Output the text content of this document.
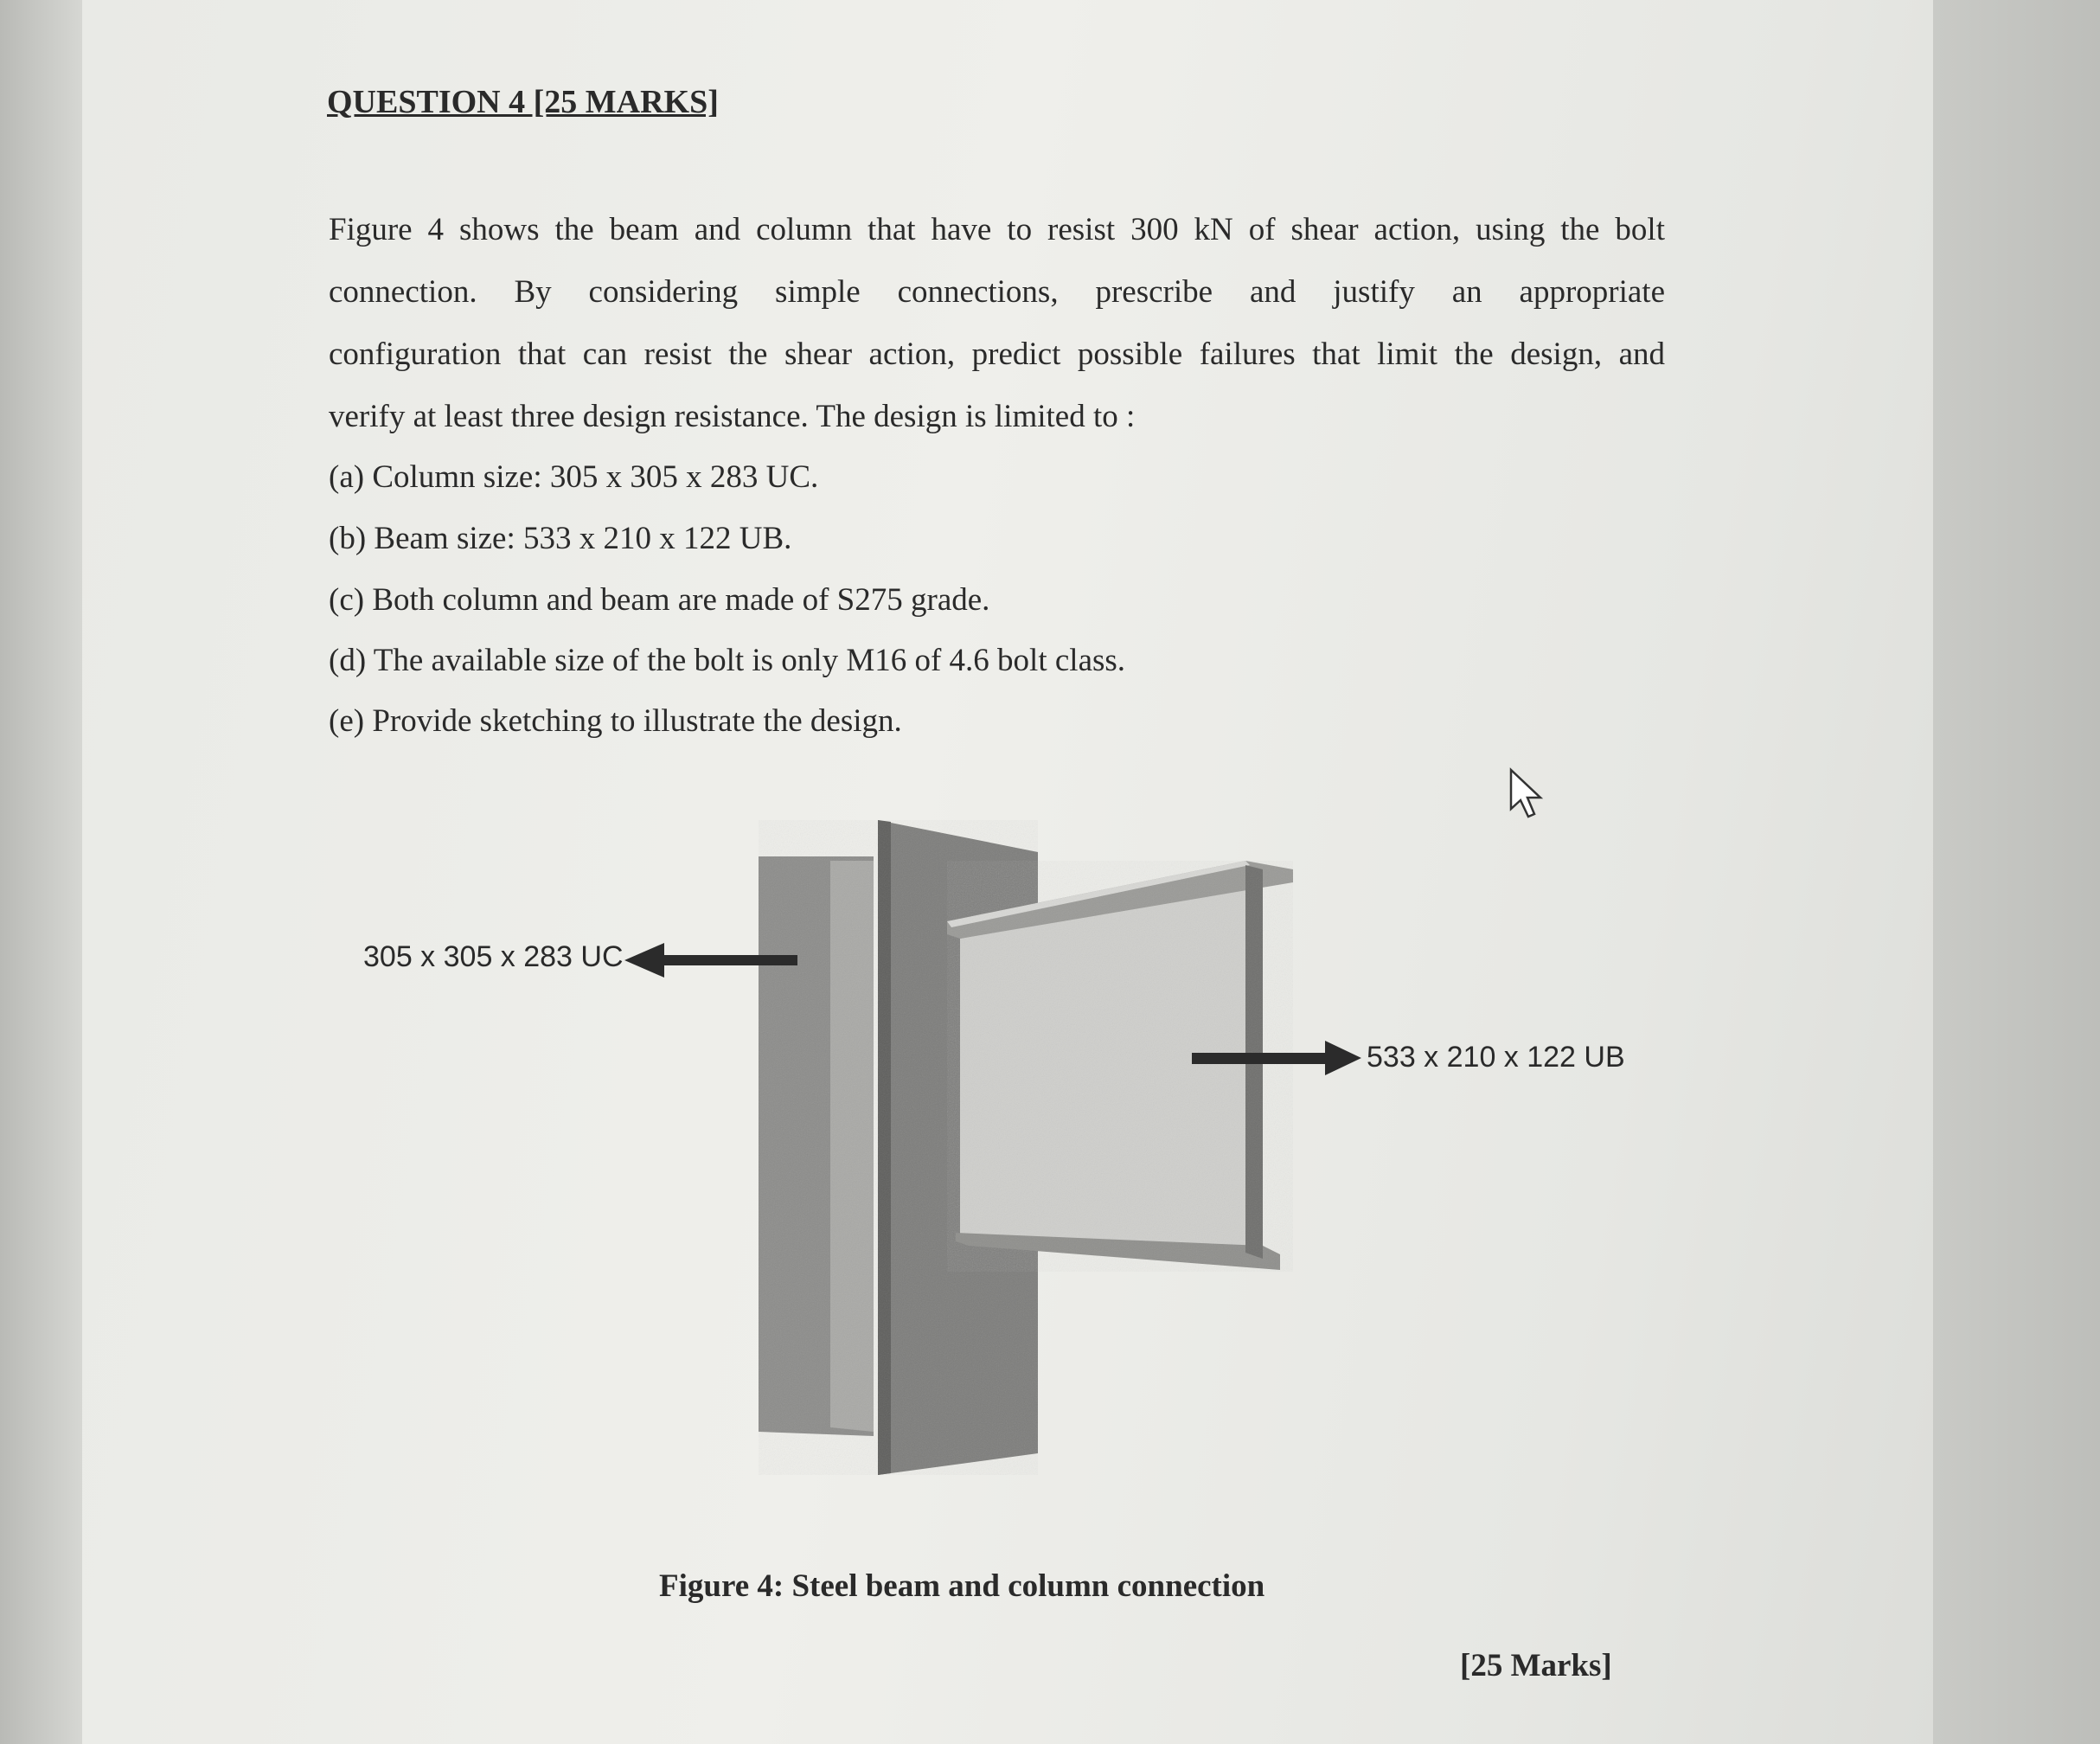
QUESTION 4 [25 MARKS]
Figure 4 shows the beam and column that have to resist 300 kN of shear action, using the bolt
connection. By considering simple connections, prescribe and justify an appropriate
configuration that can resist the shear action, predict possible failures that limit the design, and
verify at least three design resistance. The design is limited to :
(a) Column size: 305 x 305 x 283 UC.
(b) Beam size: 533 x 210 x 122 UB.
(c) Both column and beam are made of S275 grade.
(d) The available size of the bolt is only M16 of 4.6 bolt class.
(e) Provide sketching to illustrate the design.
305 x 305 x 283 UC
533 x 210 x 122 UB
Figure 4: Steel beam and column connection
[25 Marks]
